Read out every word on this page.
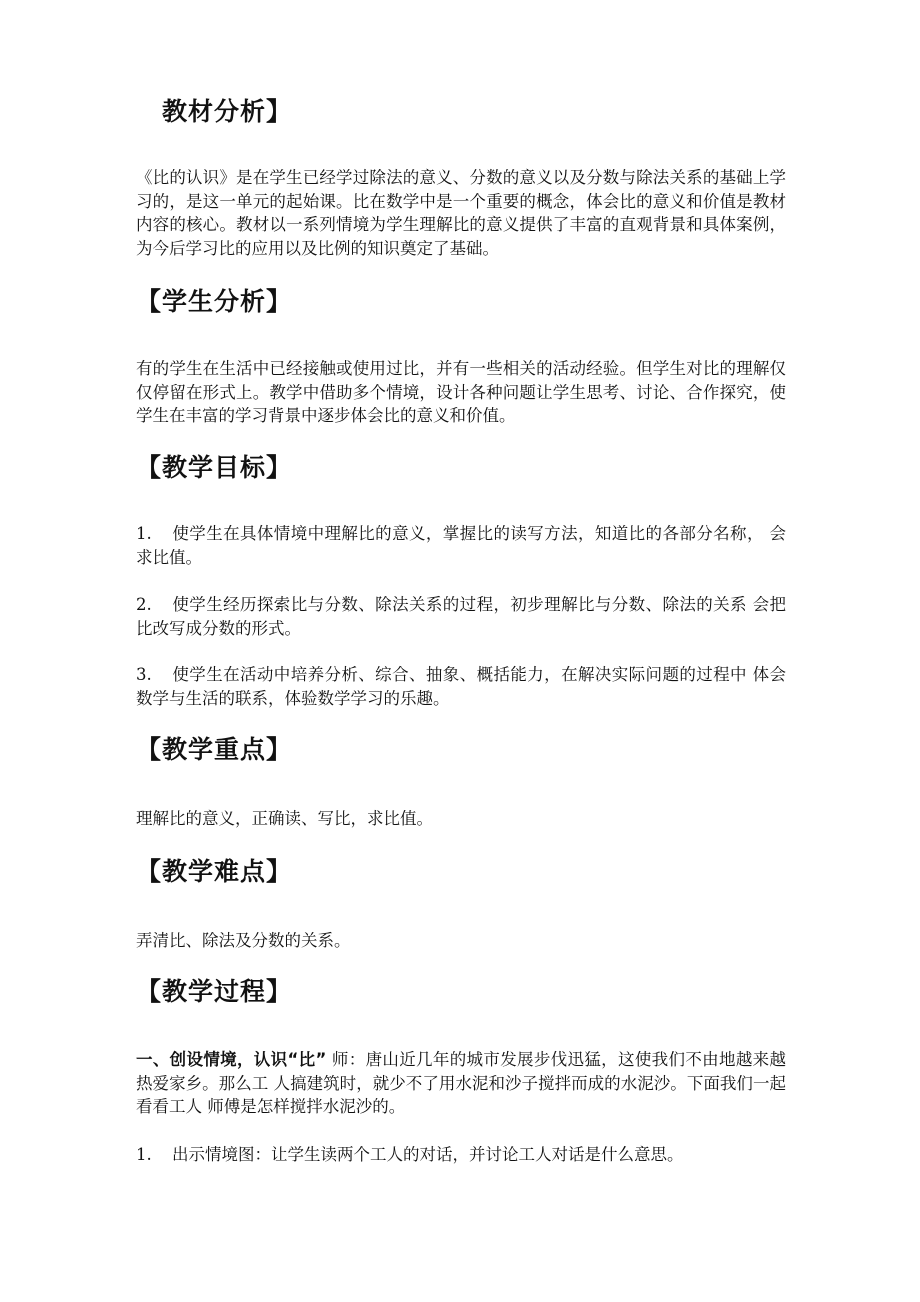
教材分析】
《比的认识》是在学生已经学过除法的意义、分数的意义以及分数与除法关系的基础上学习的，是这一单元的起始课。比在数学中是一个重要的概念，体会比的意义和价值是教材内容的核心。教材以一系列情境为学生理解比的意义提供了丰富的直观背景和具体案例，为今后学习比的应用以及比例的知识奠定了基础。
【学生分析】
有的学生在生活中已经接触或使用过比，并有一些相关的活动经验。但学生对比的理解仅仅停留在形式上。教学中借助多个情境，设计各种问题让学生思考、讨论、合作探究，使学生在丰富的学习背景中逐步体会比的意义和价值。
【教学目标】
1. 使学生在具体情境中理解比的意义，掌握比的读写方法，知道比的各部分名称， 会求比值。
2. 使学生经历探索比与分数、除法关系的过程，初步理解比与分数、除法的关系 会把比改写成分数的形式。
3. 使学生在活动中培养分析、综合、抽象、概括能力，在解决实际问题的过程中 体会数学与生活的联系，体验数学学习的乐趣。
【教学重点】
理解比的意义，正确读、写比，求比值。
【教学难点】
弄清比、除法及分数的关系。
【教学过程】
一、创设情境，认识“比” 师：唐山近几年的城市发展步伐迅猛，这使我们不由地越来越热爱家乡。那么工 人搞建筑时，就少不了用水泥和沙子搅拌而成的水泥沙。下面我们一起看看工人 师傅是怎样搅拌水泥沙的。
1. 出示情境图：让学生读两个工人的对话，并讨论工人对话是什么意思。
